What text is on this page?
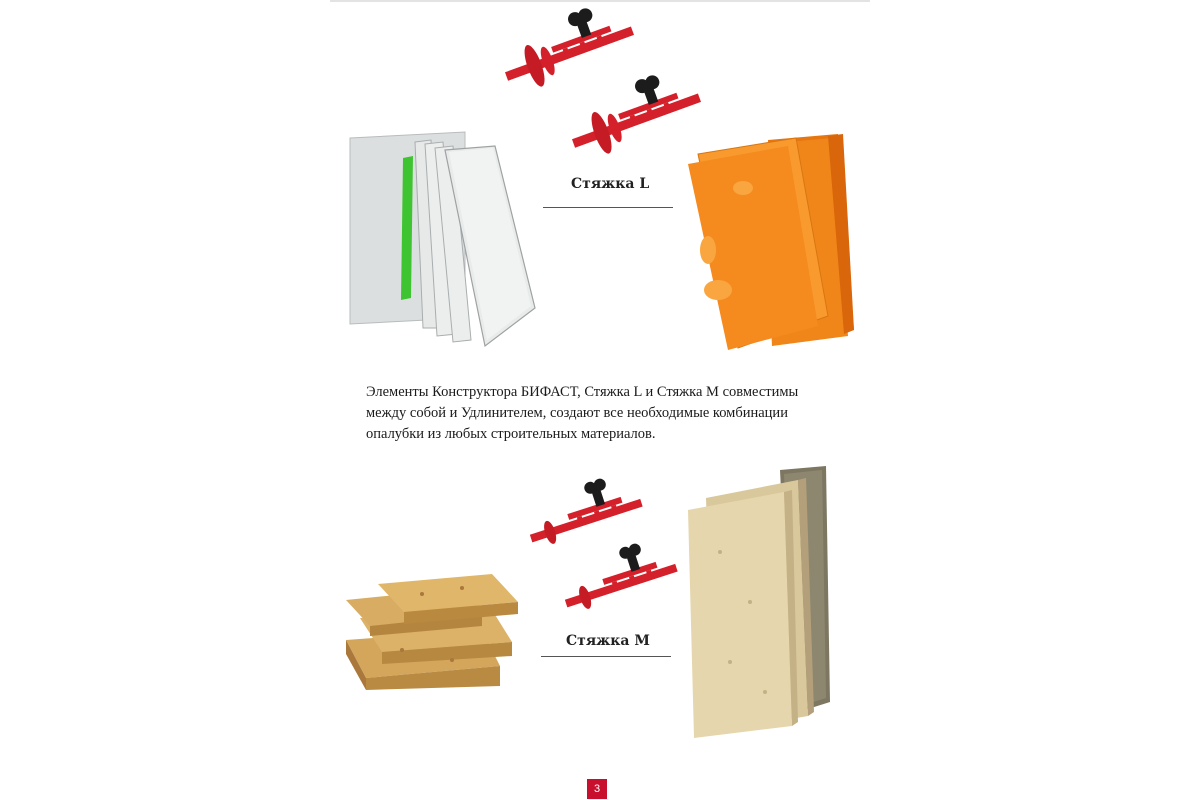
Стяжка L

Элементы Конструктора БИФАСТ, Стяжка L и Стяжка M совместимы
между собой и Удлинителем, создают все необходимые комбинации
опалубки из любых строительных материалов.

Стяжка M
3
